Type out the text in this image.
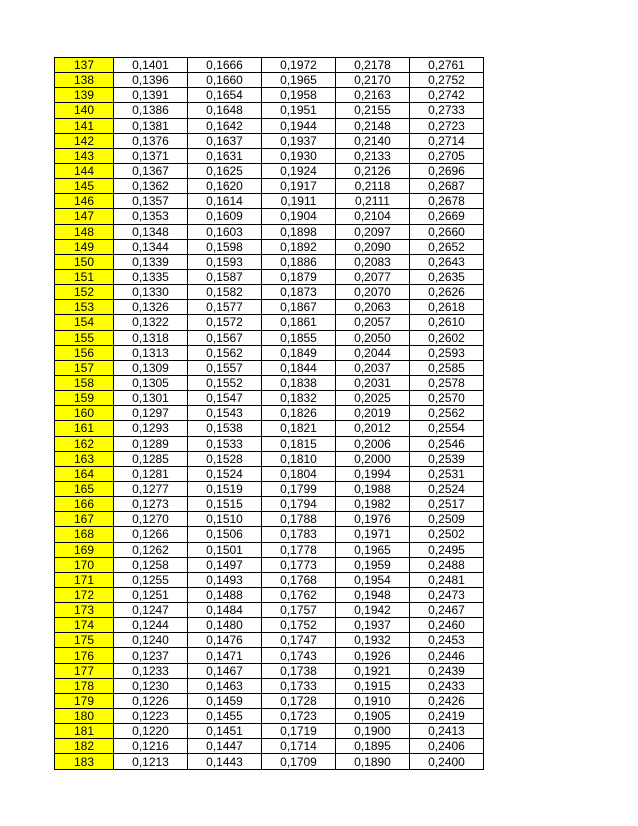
137	0,1401	0,1666	0,1972	0,2178	0,2761
138	0,1396	0,1660	0,1965	0,2170	0,2752
139	0,1391	0,1654	0,1958	0,2163	0,2742
140	0,1386	0,1648	0,1951	0,2155	0,2733
141	0,1381	0,1642	0,1944	0,2148	0,2723
142	0,1376	0,1637	0,1937	0,2140	0,2714
143	0,1371	0,1631	0,1930	0,2133	0,2705
144	0,1367	0,1625	0,1924	0,2126	0,2696
145	0,1362	0,1620	0,1917	0,2118	0,2687
146	0,1357	0,1614	0,1911	0,2111	0,2678
147	0,1353	0,1609	0,1904	0,2104	0,2669
148	0,1348	0,1603	0,1898	0,2097	0,2660
149	0,1344	0,1598	0,1892	0,2090	0,2652
150	0,1339	0,1593	0,1886	0,2083	0,2643
151	0,1335	0,1587	0,1879	0,2077	0,2635
152	0,1330	0,1582	0,1873	0,2070	0,2626
153	0,1326	0,1577	0,1867	0,2063	0,2618
154	0,1322	0,1572	0,1861	0,2057	0,2610
155	0,1318	0,1567	0,1855	0,2050	0,2602
156	0,1313	0,1562	0,1849	0,2044	0,2593
157	0,1309	0,1557	0,1844	0,2037	0,2585
158	0,1305	0,1552	0,1838	0,2031	0,2578
159	0,1301	0,1547	0,1832	0,2025	0,2570
160	0,1297	0,1543	0,1826	0,2019	0,2562
161	0,1293	0,1538	0,1821	0,2012	0,2554
162	0,1289	0,1533	0,1815	0,2006	0,2546
163	0,1285	0,1528	0,1810	0,2000	0,2539
164	0,1281	0,1524	0,1804	0,1994	0,2531
165	0,1277	0,1519	0,1799	0,1988	0,2524
166	0,1273	0,1515	0,1794	0,1982	0,2517
167	0,1270	0,1510	0,1788	0,1976	0,2509
168	0,1266	0,1506	0,1783	0,1971	0,2502
169	0,1262	0,1501	0,1778	0,1965	0,2495
170	0,1258	0,1497	0,1773	0,1959	0,2488
171	0,1255	0,1493	0,1768	0,1954	0,2481
172	0,1251	0,1488	0,1762	0,1948	0,2473
173	0,1247	0,1484	0,1757	0,1942	0,2467
174	0,1244	0,1480	0,1752	0,1937	0,2460
175	0,1240	0,1476	0,1747	0,1932	0,2453
176	0,1237	0,1471	0,1743	0,1926	0,2446
177	0,1233	0,1467	0,1738	0,1921	0,2439
178	0,1230	0,1463	0,1733	0,1915	0,2433
179	0,1226	0,1459	0,1728	0,1910	0,2426
180	0,1223	0,1455	0,1723	0,1905	0,2419
181	0,1220	0,1451	0,1719	0,1900	0,2413
182	0,1216	0,1447	0,1714	0,1895	0,2406
183	0,1213	0,1443	0,1709	0,1890	0,2400
